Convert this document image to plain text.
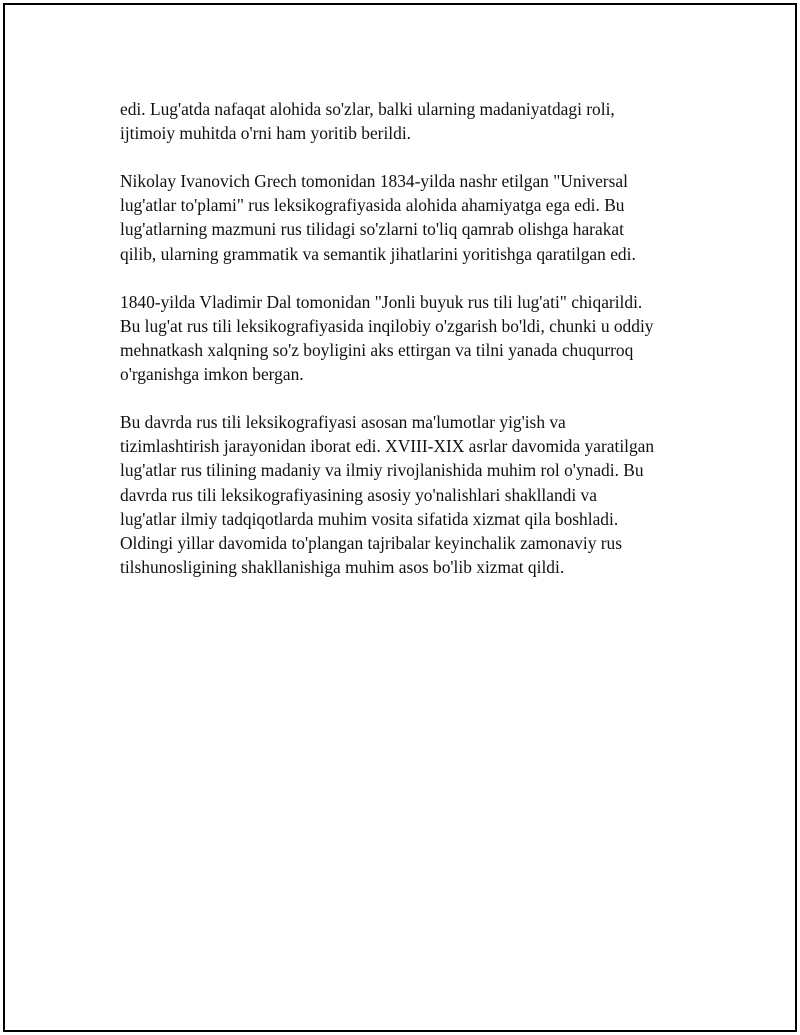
edi. Lug'atda nafaqat alohida so'zlar, balki ularning madaniyatdagi roli,
ijtimoiy muhitda o'rni ham yoritib berildi.

Nikolay Ivanovich Grech tomonidan 1834-yilda nashr etilgan "Universal
lug'atlar to'plami" rus leksikografiyasida alohida ahamiyatga ega edi. Bu
lug'atlarning mazmuni rus tilidagi so'zlarni to'liq qamrab olishga harakat
qilib, ularning grammatik va semantik jihatlarini yoritishga qaratilgan edi.

1840-yilda Vladimir Dal tomonidan "Jonli buyuk rus tili lug'ati" chiqarildi.
Bu lug'at rus tili leksikografiyasida inqilobiy o'zgarish bo'ldi, chunki u oddiy
mehnatkash xalqning so'z boyligini aks ettirgan va tilni yanada chuqurroq
o'rganishga imkon bergan.

Bu davrda rus tili leksikografiyasi asosan ma'lumotlar yig'ish va
tizimlashtirish jarayonidan iborat edi. XVIII-XIX asrlar davomida yaratilgan
lug'atlar rus tilining madaniy va ilmiy rivojlanishida muhim rol o'ynadi. Bu
davrda rus tili leksikografiyasining asosiy yo'nalishlari shakllandi va
lug'atlar ilmiy tadqiqotlarda muhim vosita sifatida xizmat qila boshladi.
Oldingi yillar davomida to'plangan tajribalar keyinchalik zamonaviy rus
tilshunosligining shakllanishiga muhim asos bo'lib xizmat qildi.
